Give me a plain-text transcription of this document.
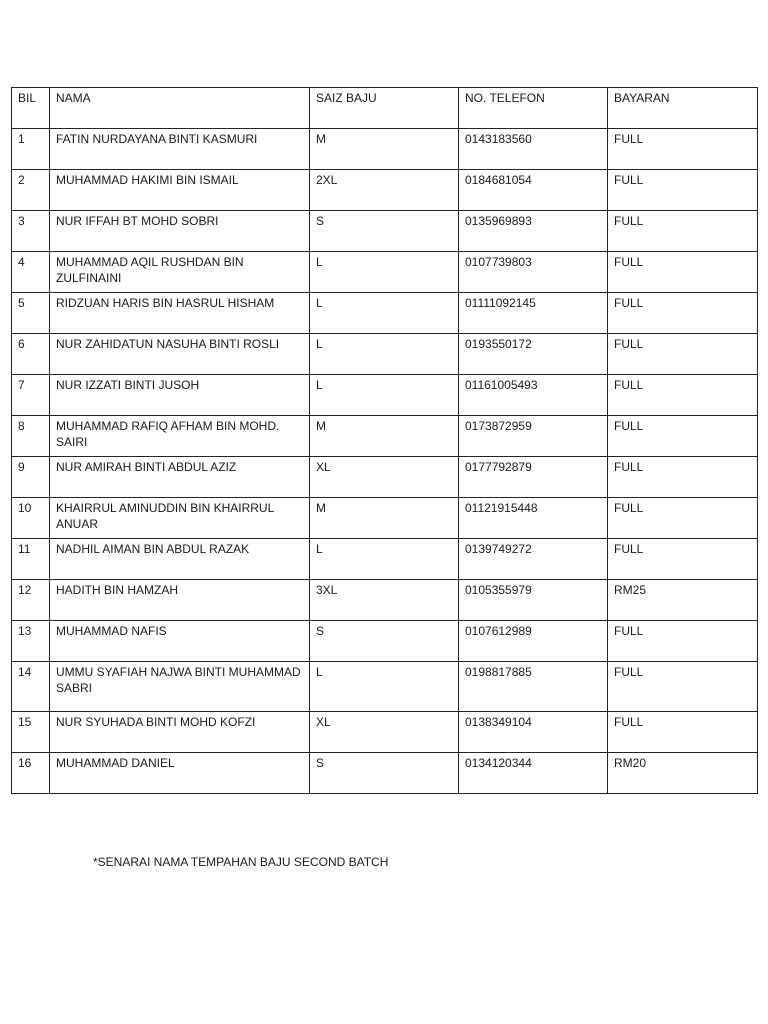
BIL	NAMA	SAIZ BAJU	NO. TELEFON	BAYARAN
1	FATIN NURDAYANA BINTI KASMURI	M	0143183560	FULL
2	MUHAMMAD HAKIMI BIN ISMAIL	2XL	0184681054	FULL
3	NUR IFFAH BT MOHD SOBRI	S	0135969893	FULL
4	MUHAMMAD AQIL RUSHDAN BIN ZULFINAINI	L	0107739803	FULL
5	RIDZUAN HARIS BIN HASRUL HISHAM	L	01111092145	FULL
6	NUR ZAHIDATUN NASUHA BINTI ROSLI	L	0193550172	FULL
7	NUR IZZATI BINTI JUSOH	L	01161005493	FULL
8	MUHAMMAD RAFIQ AFHAM BIN MOHD. SAIRI	M	0173872959	FULL
9	NUR AMIRAH BINTI ABDUL AZIZ	XL	0177792879	FULL
10	KHAIRRUL AMINUDDIN BIN KHAIRRUL ANUAR	M	01121915448	FULL
11	NADHIL AIMAN BIN ABDUL RAZAK	L	0139749272	FULL
12	HADITH BIN HAMZAH	3XL	0105355979	RM25
13	MUHAMMAD NAFIS	S	0107612989	FULL
14	UMMU SYAFIAH NAJWA BINTI MUHAMMAD SABRI	L	0198817885	FULL
15	NUR SYUHADA BINTI MOHD KOFZI	XL	0138349104	FULL
16	MUHAMMAD DANIEL	S	0134120344	RM20
*SENARAI NAMA TEMPAHAN BAJU SECOND BATCH
